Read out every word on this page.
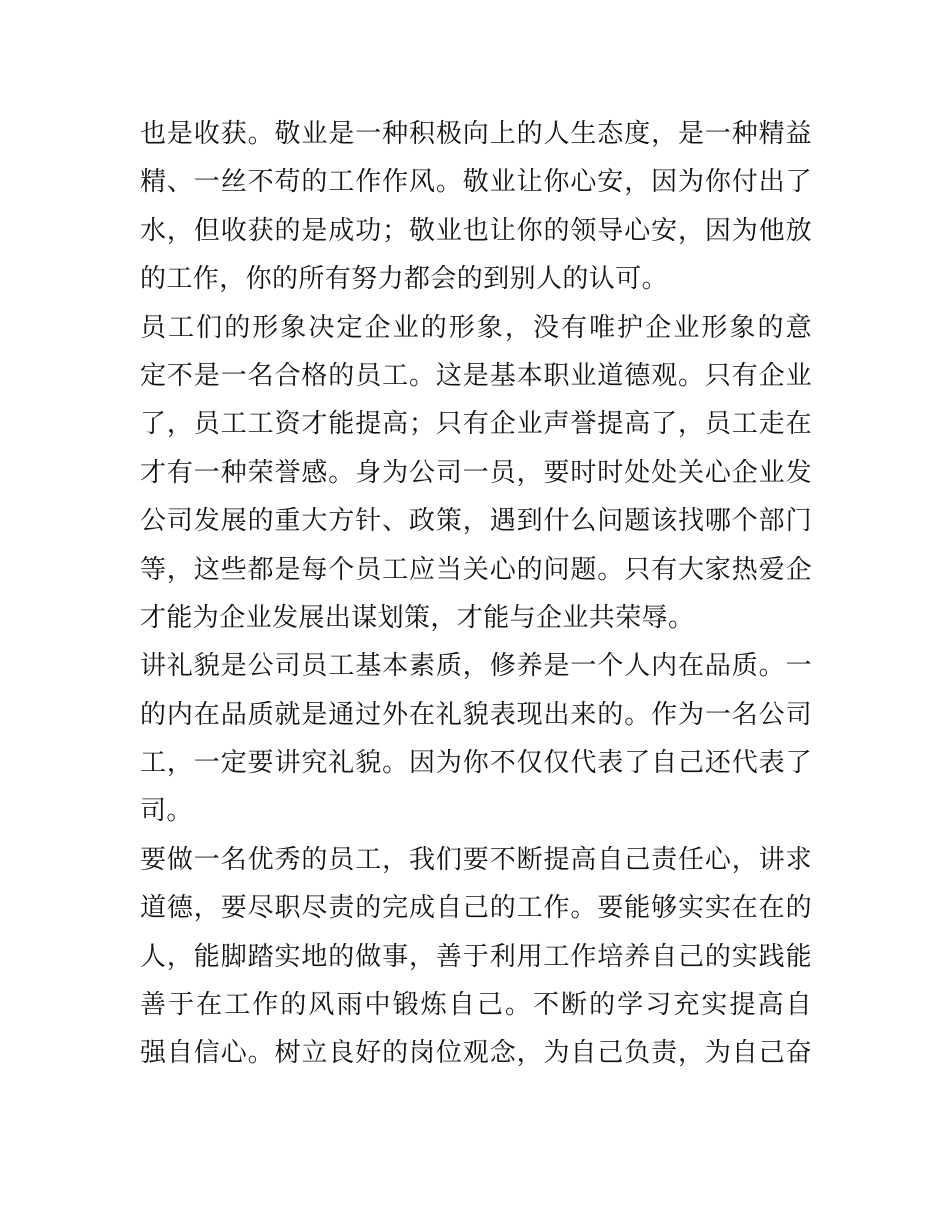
也是收获。敬业是一种积极向上的人生态度，是一种精益
精、一丝不苟的工作作风。敬业让你心安，因为你付出了
水，但收获的是成功；敬业也让你的领导心安，因为他放
的工作，你的所有努力都会的到别人的认可。
员工们的形象决定企业的形象，没有唯护企业形象的意
定不是一名合格的员工。这是基本职业道德观。只有企业
了，员工工资才能提高；只有企业声誉提高了，员工走在
才有一种荣誉感。身为公司一员，要时时处处关心企业发
公司发展的重大方针、政策，遇到什么问题该找哪个部门
等，这些都是每个员工应当关心的问题。只有大家热爱企
才能为企业发展出谋划策，才能与企业共荣辱。
讲礼貌是公司员工基本素质，修养是一个人内在品质。一
的内在品质就是通过外在礼貌表现出来的。作为一名公司
工，一定要讲究礼貌。因为你不仅仅代表了自己还代表了
司。
要做一名优秀的员工，我们要不断提高自己责任心，讲求
道德，要尽职尽责的完成自己的工作。要能够实实在在的
人，能脚踏实地的做事，善于利用工作培养自己的实践能
善于在工作的风雨中锻炼自己。不断的学习充实提高自
强自信心。树立良好的岗位观念，为自己负责，为自己奋
